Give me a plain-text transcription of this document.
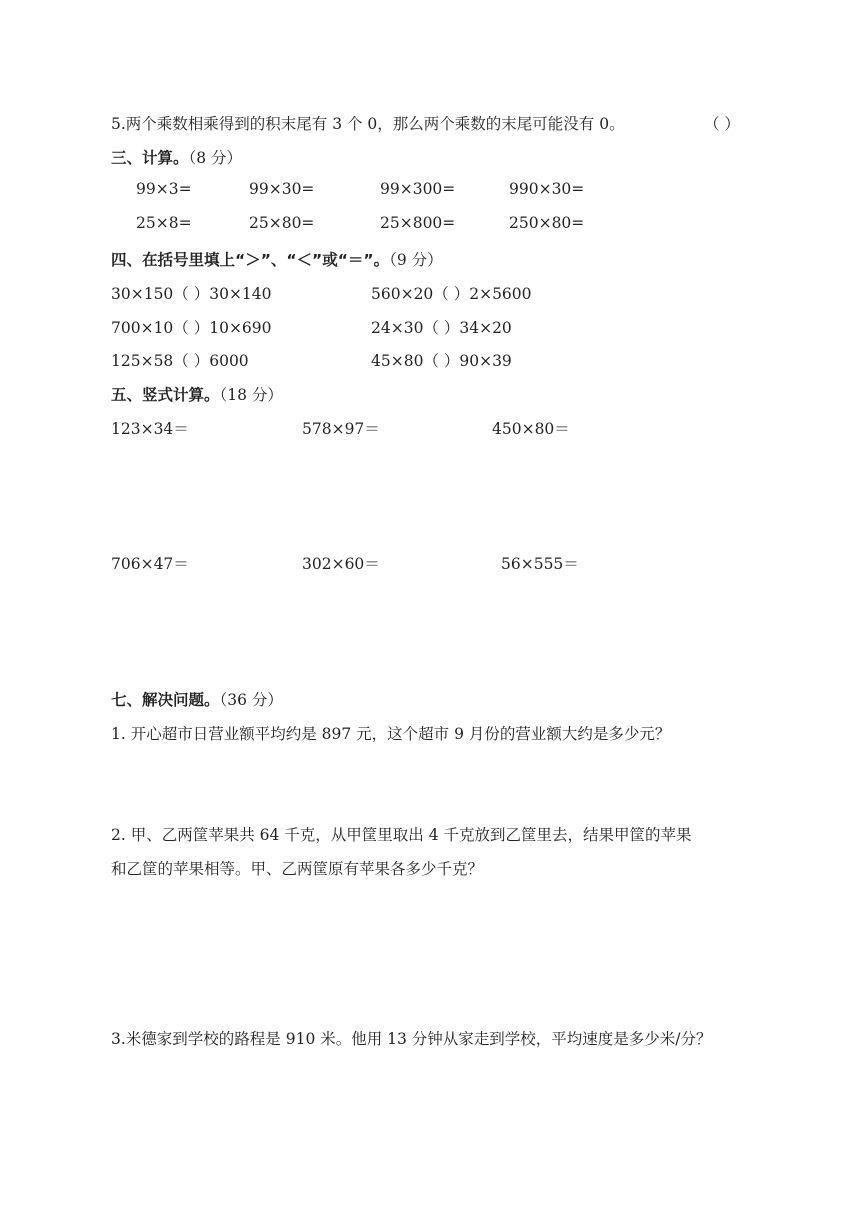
5.两个乘数相乘得到的积末尾有 3 个 0，那么两个乘数的末尾可能没有 0。	（ ）
三、计算。（8 分）
99×3=	99×30=	99×300=	990×30=
25×8=	25×80=	25×800=	250×80=
四、在括号里填上“＞”、“＜”或“＝”。（9 分）
30×150（ ）30×140	560×20（ ）2×5600
700×10（ ）10×690	24×30（ ）34×20
125×58（ ）6000	45×80（ ）90×39
五、竖式计算。（18 分）
123×34＝	578×97＝	450×80＝
706×47＝	302×60＝	56×555＝
七、解决问题。（36 分）
1. 开心超市日营业额平均约是 897 元，这个超市 9 月份的营业额大约是多少元？
2. 甲、乙两筐苹果共 64 千克，从甲筐里取出 4 千克放到乙筐里去，结果甲筐的苹果
和乙筐的苹果相等。甲、乙两筐原有苹果各多少千克？
3.米德家到学校的路程是 910 米。他用 13 分钟从家走到学校，平均速度是多少米/分？
